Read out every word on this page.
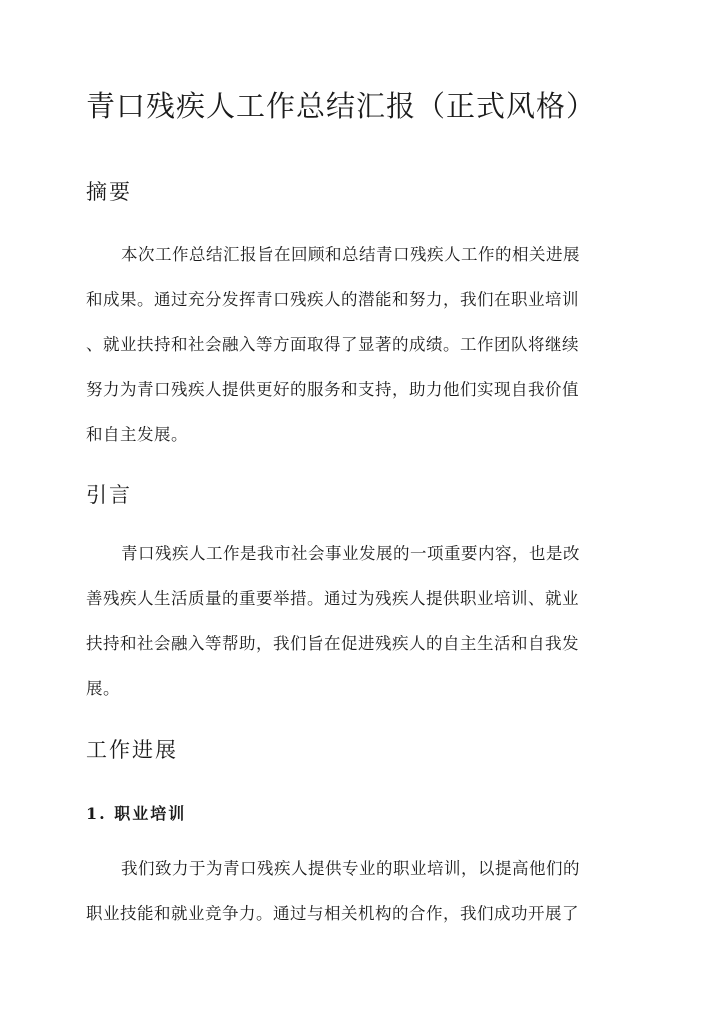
青口残疾人工作总结汇报（正式风格）
摘要

本次工作总结汇报旨在回顾和总结青口残疾人工作的相关进展

和成果。通过充分发挥青口残疾人的潜能和努力，我们在职业培训

、就业扶持和社会融入等方面取得了显著的成绩。工作团队将继续

努力为青口残疾人提供更好的服务和支持，助力他们实现自我价值

和自主发展。

引言

青口残疾人工作是我市社会事业发展的一项重要内容，也是改

善残疾人生活质量的重要举措。通过为残疾人提供职业培训、就业

扶持和社会融入等帮助，我们旨在促进残疾人的自主生活和自我发

展。

工作进展
1. 职业培训

我们致力于为青口残疾人提供专业的职业培训，以提高他们的

职业技能和就业竞争力。通过与相关机构的合作，我们成功开展了
